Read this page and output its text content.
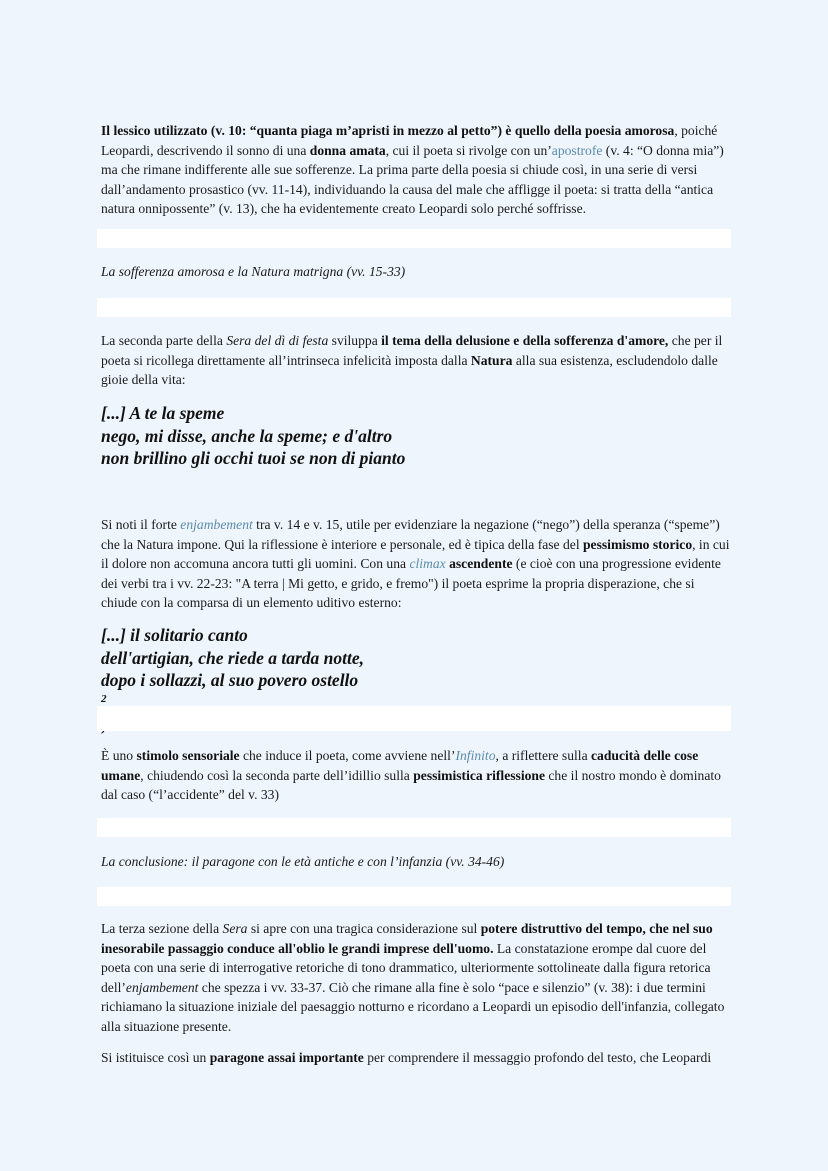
Il lessico utilizzato (v. 10: “quanta piaga m’apristi in mezzo al petto”) è quello della poesia amorosa, poiché Leopardi, descrivendo il sonno di una donna amata, cui il poeta si rivolge con un’apostrofe (v. 4: “O donna mia”) ma che rimane indifferente alle sue sofferenze. La prima parte della poesia si chiude così, in una serie di versi dall’andamento prosastico (vv. 11-14), individuando la causa del male che affligge il poeta: si tratta della “antica natura onnipossente” (v. 13), che ha evidentemente creato Leopardi solo perché soffrisse.

La sofferenza amorosa e la Natura matrigna (vv. 15-33)

La seconda parte della Sera del dì di festa sviluppa il tema della delusione e della sofferenza d'amore, che per il poeta si ricollega direttamente all’intrinseca infelicità imposta dalla Natura alla sua esistenza, escludendolo dalle gioie della vita:

[...] A te la speme
nego, mi disse, anche la speme; e d'altro
non brillino gli occhi tuoi se non di pianto

Si noti il forte enjambement tra v. 14 e v. 15, utile per evidenziare la negazione (“nego”) della speranza (“speme”) che la Natura impone. Qui la riflessione è interiore e personale, ed è tipica della fase del pessimismo storico, in cui il dolore non accomuna ancora tutti gli uomini. Con una climax ascendente (e cioè con una progressione evidente dei verbi tra i vv. 22-23: "A terra | Mi getto, e grido, e fremo") il poeta esprime la propria disperazione, che si chiude con la comparsa di un elemento uditivo esterno:

[...] il solitario canto
dell'artigian, che riede a tarda notte,
dopo i sollazzi, al suo povero ostello
$^2$

È uno stimolo sensoriale che induce il poeta, come avviene nell’Infinito, a riflettere sulla caducità delle cose umane, chiudendo così la seconda parte dell’idillio sulla pessimistica riflessione che il nostro mondo è dominato dal caso (“l’accidente” del v. 33)

La conclusione: il paragone con le età antiche e con l’infanzia (vv. 34-46)

La terza sezione della Sera si apre con una tragica considerazione sul potere distruttivo del tempo, che nel suo inesorabile passaggio conduce all'oblio le grandi imprese dell'uomo. La constatazione erompe dal cuore del poeta con una serie di interrogative retoriche di tono drammatico, ulteriormente sottolineate dalla figura retorica dell’enjambement che spezza i vv. 33-37. Ciò che rimane alla fine è solo “pace e silenzio” (v. 38): i due termini richiamano la situazione iniziale del paesaggio notturno e ricordano a Leopardi un episodio dell'infanzia, collegato alla situazione presente.

Si istituisce così un paragone assai importante per comprendere il messaggio profondo del testo, che Leopardi
